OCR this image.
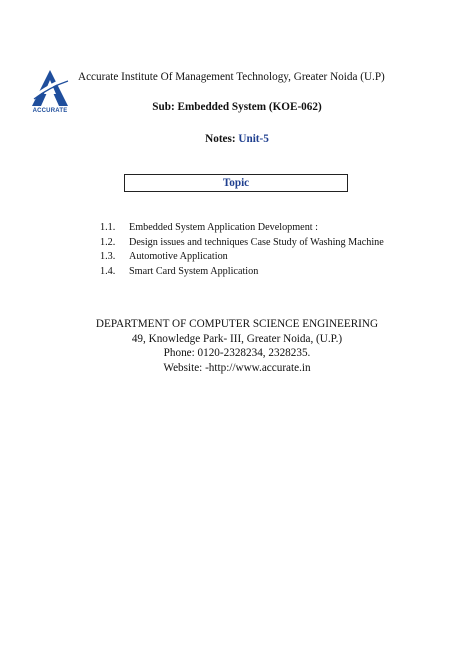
ACCURATE
Accurate Institute Of Management Technology, Greater Noida (U.P)
Sub: Embedded System (KOE-062)
Notes: Unit-5
Topic
1.1. Embedded System Application Development :
1.2. Design issues and techniques Case Study of Washing Machine
1.3. Automotive Application
1.4. Smart Card System Application
DEPARTMENT OF COMPUTER SCIENCE ENGINEERING
49, Knowledge Park- III, Greater Noida, (U.P.)
Phone: 0120-2328234, 2328235.
Website: -http://www.accurate.in
